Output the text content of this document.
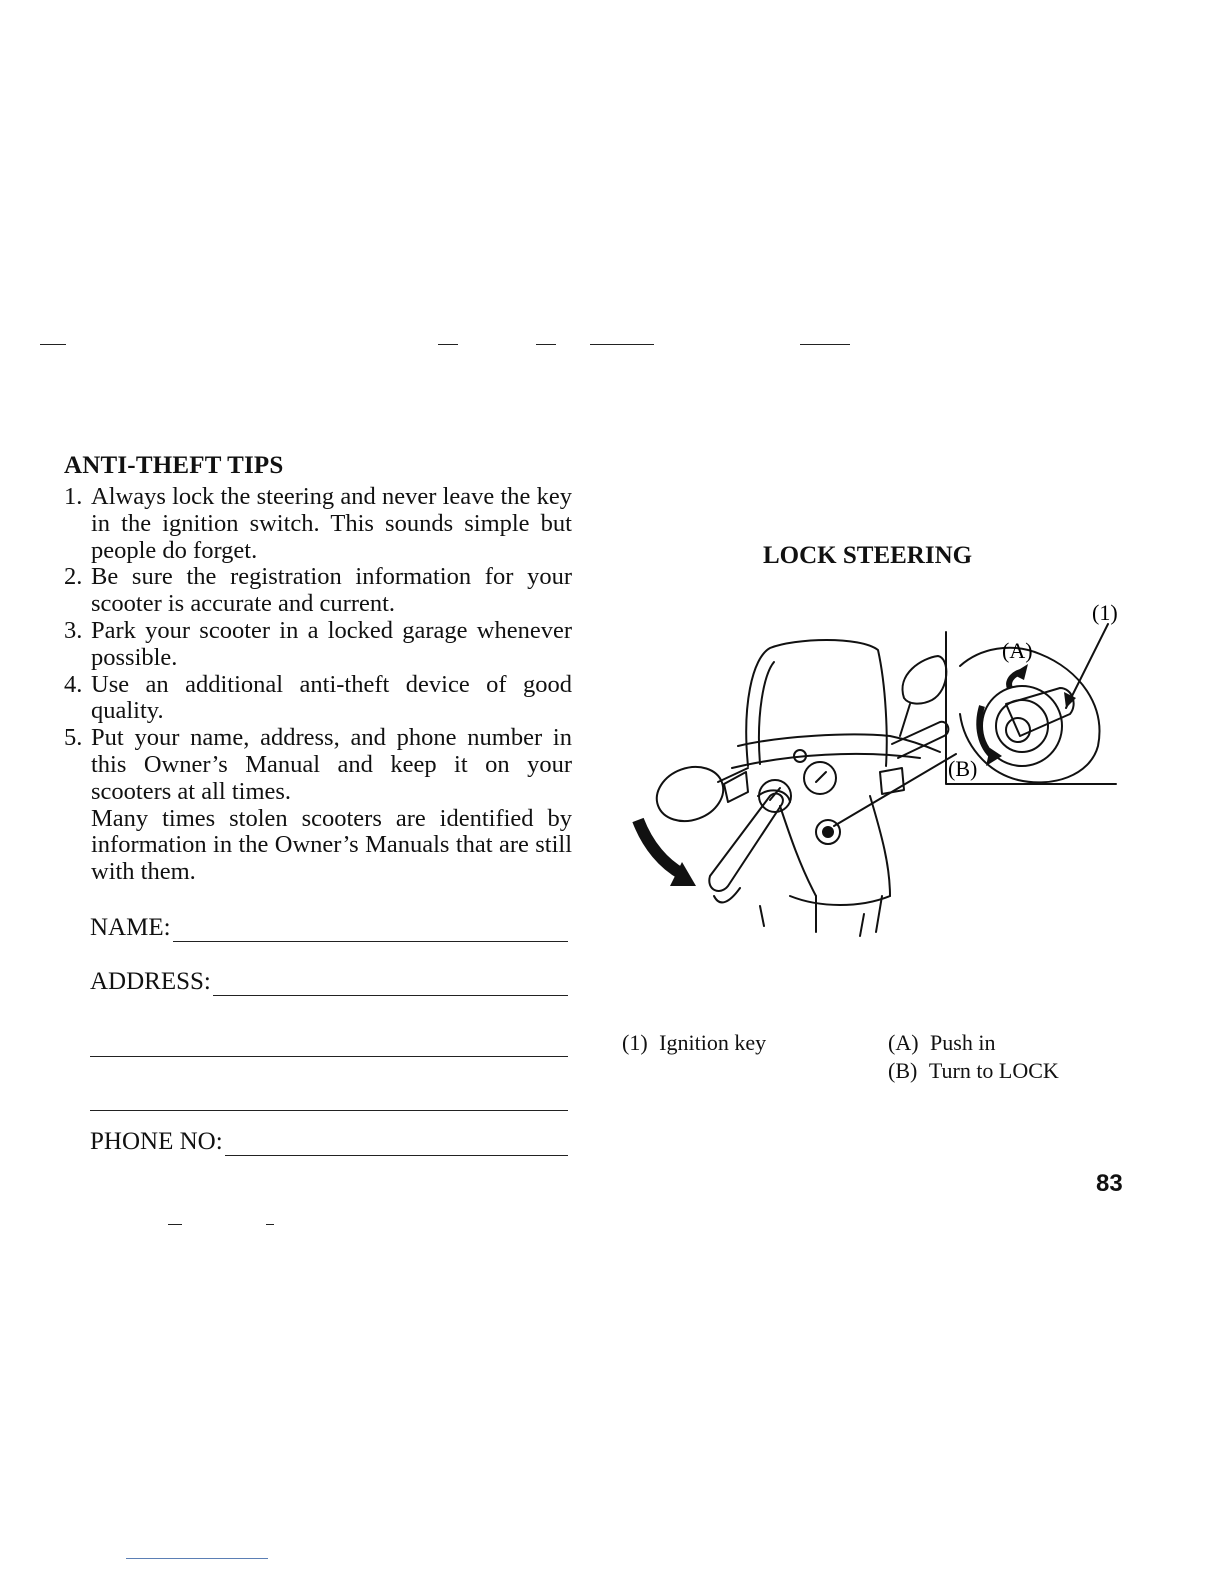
ANTI-THEFT TIPS
1. Always lock the steering and never leave the key in the ignition switch. This sounds simple but people do forget.

2. Be sure the registration information for your scooter is accurate and current.

3. Park your scooter in a locked garage whenever possible.

4. Use an additional anti-theft device of good quality.

5. Put your name, address, and phone number in this Owner’s Manual and keep it on your scooters at all times.

Many times stolen scooters are identified by information in the Owner’s Manuals that are still with them.

NAME:
ADDRESS:
PHONE NO:
LOCK STEERING
(1)
(A)
(B)
(1) Ignition key	(A) Push in
(B) Turn to LOCK
83
